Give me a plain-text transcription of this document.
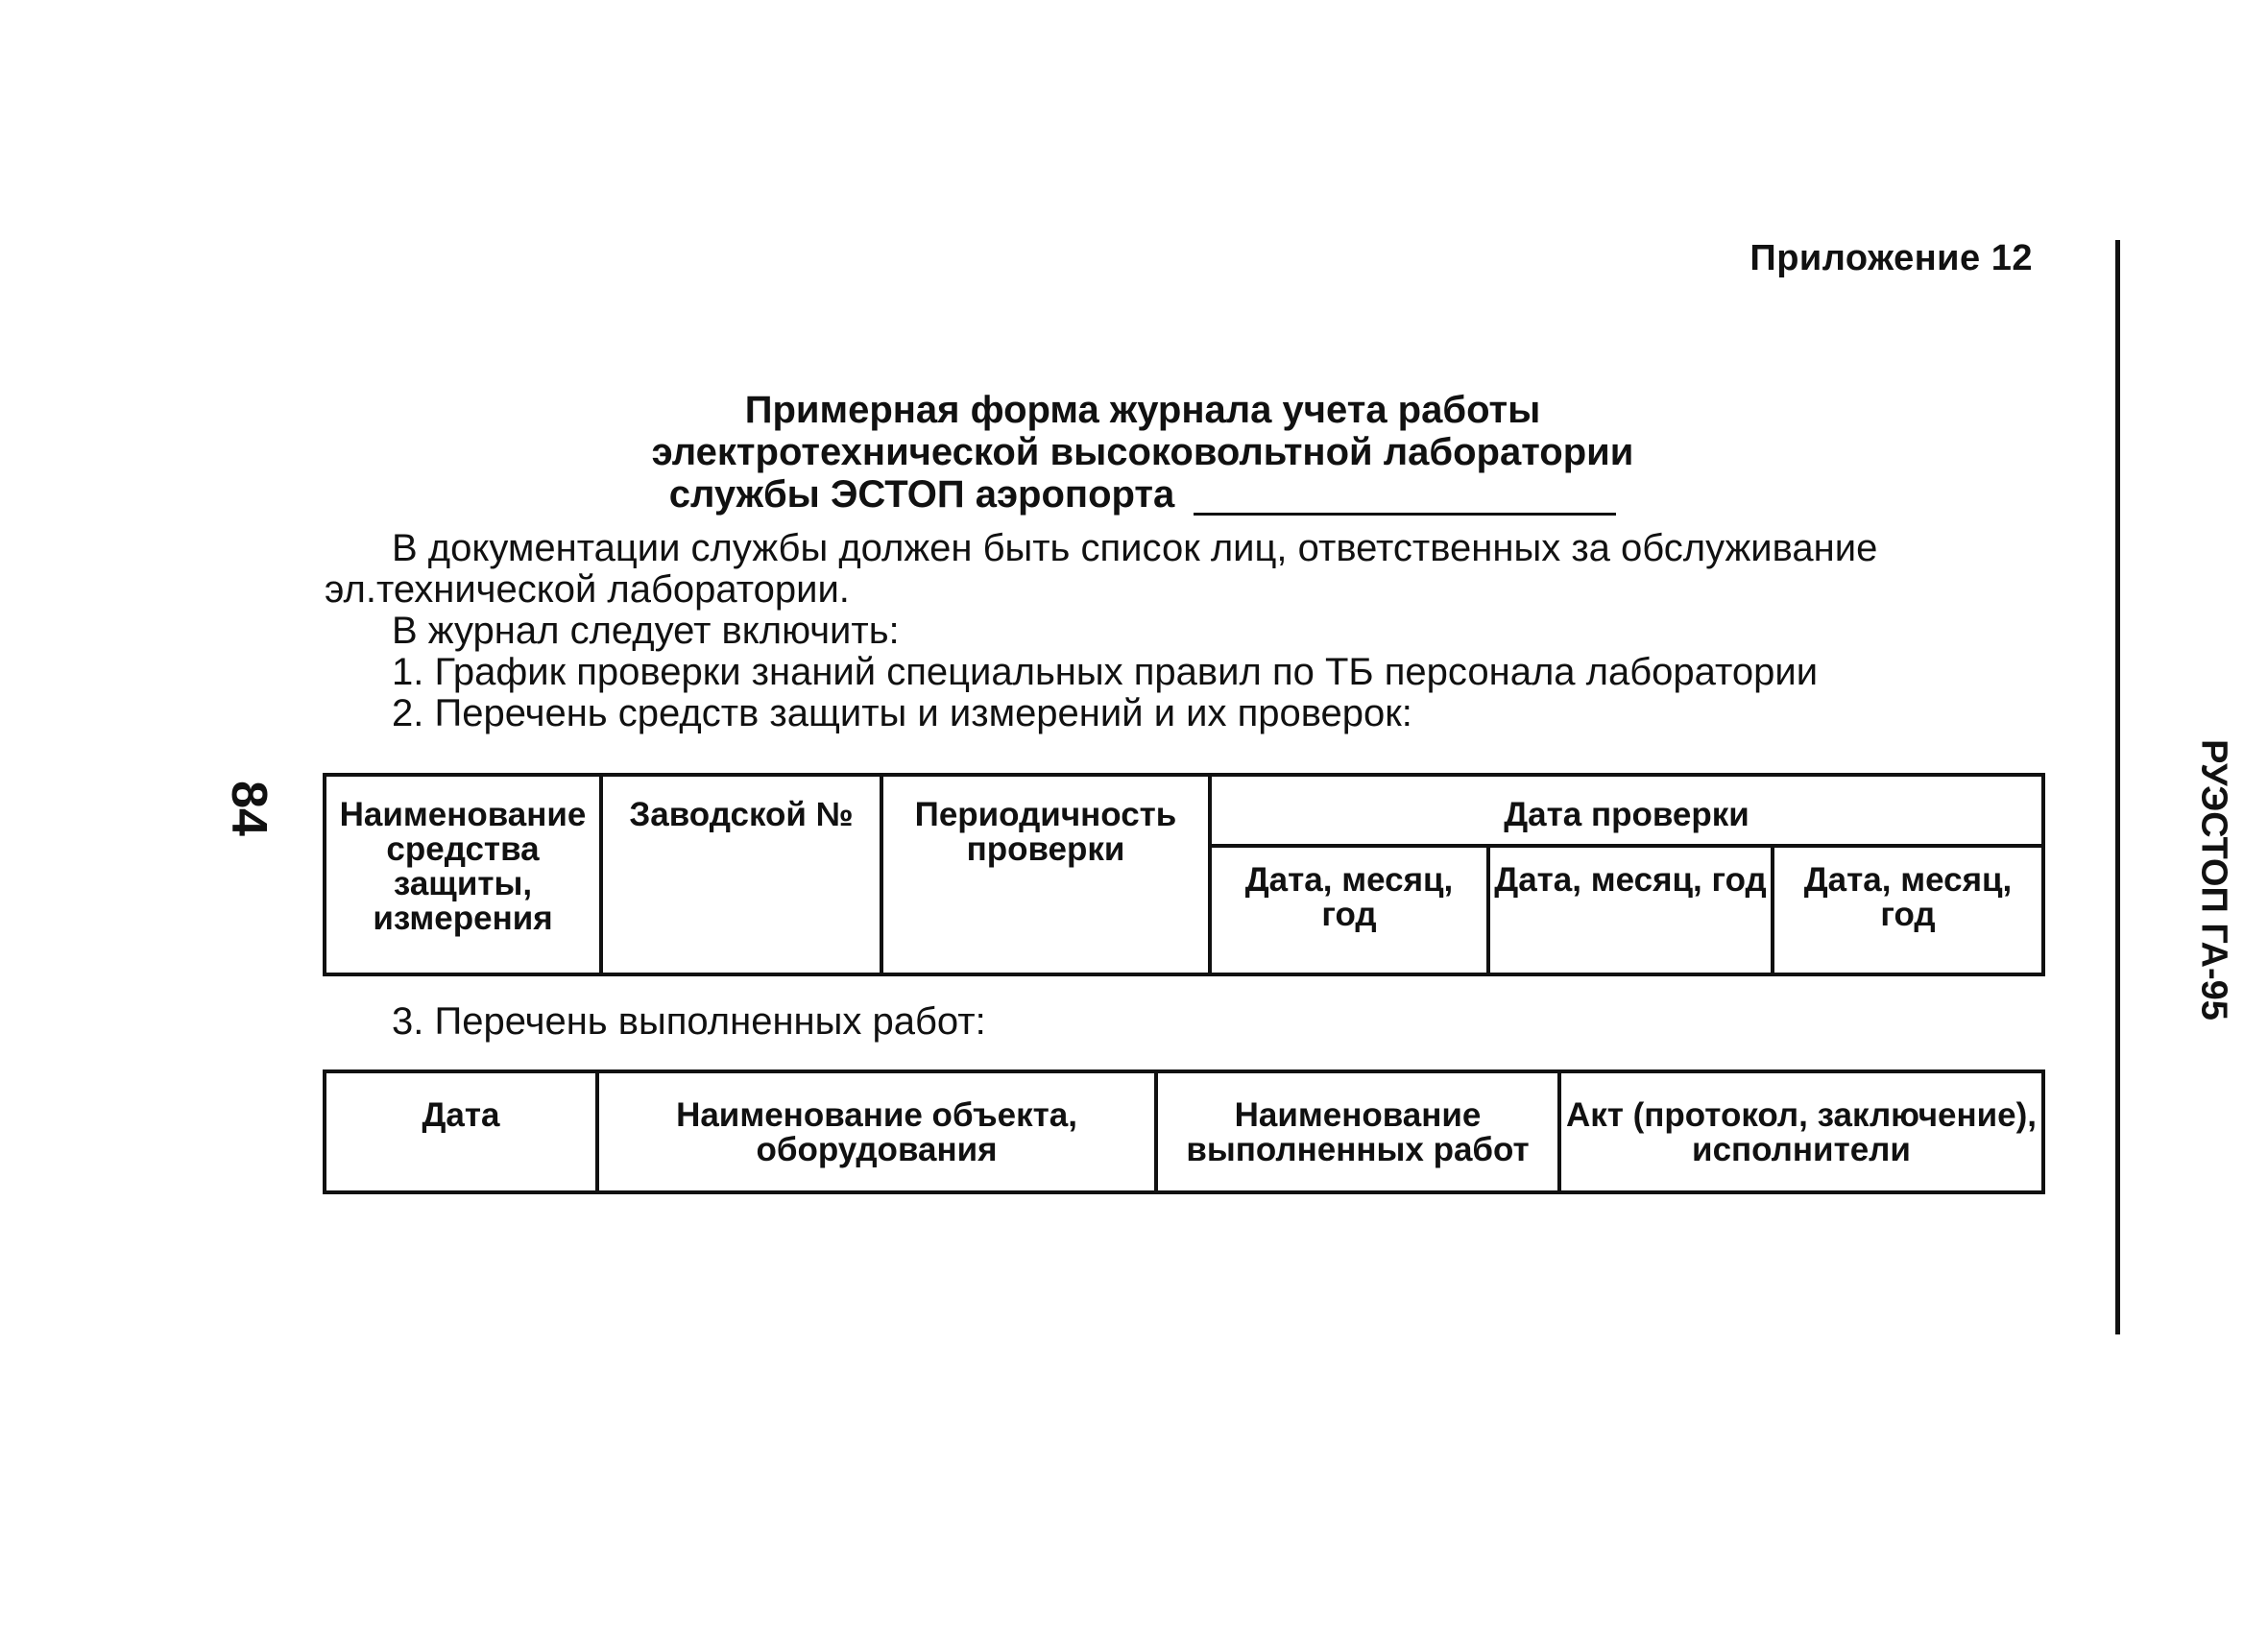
Приложение 12
Примерная форма журнала учета работы
электротехнической высоковольтной лаборатории
службы ЭСТОП аэропорта

В документации службы должен быть список лиц, ответственных за обслуживание эл.технической лаборатории.

В журнал следует включить:

1. График проверки знаний специальных правил по ТБ персонала лаборатории

2. Перечень средств защиты и измерений и их проверок:

Наименование средства защиты, измерения	Заводской №	Периодичность проверки	Дата проверки		
			Дата, месяц, год	Дата, месяц, год	Дата, месяц, год
3. Перечень выполненных работ:
Дата	Наименование объекта, оборудования	Наименование выполненных работ	Акт (протокол, заключение), исполнители
84	РУЭСТОП ГА-95
